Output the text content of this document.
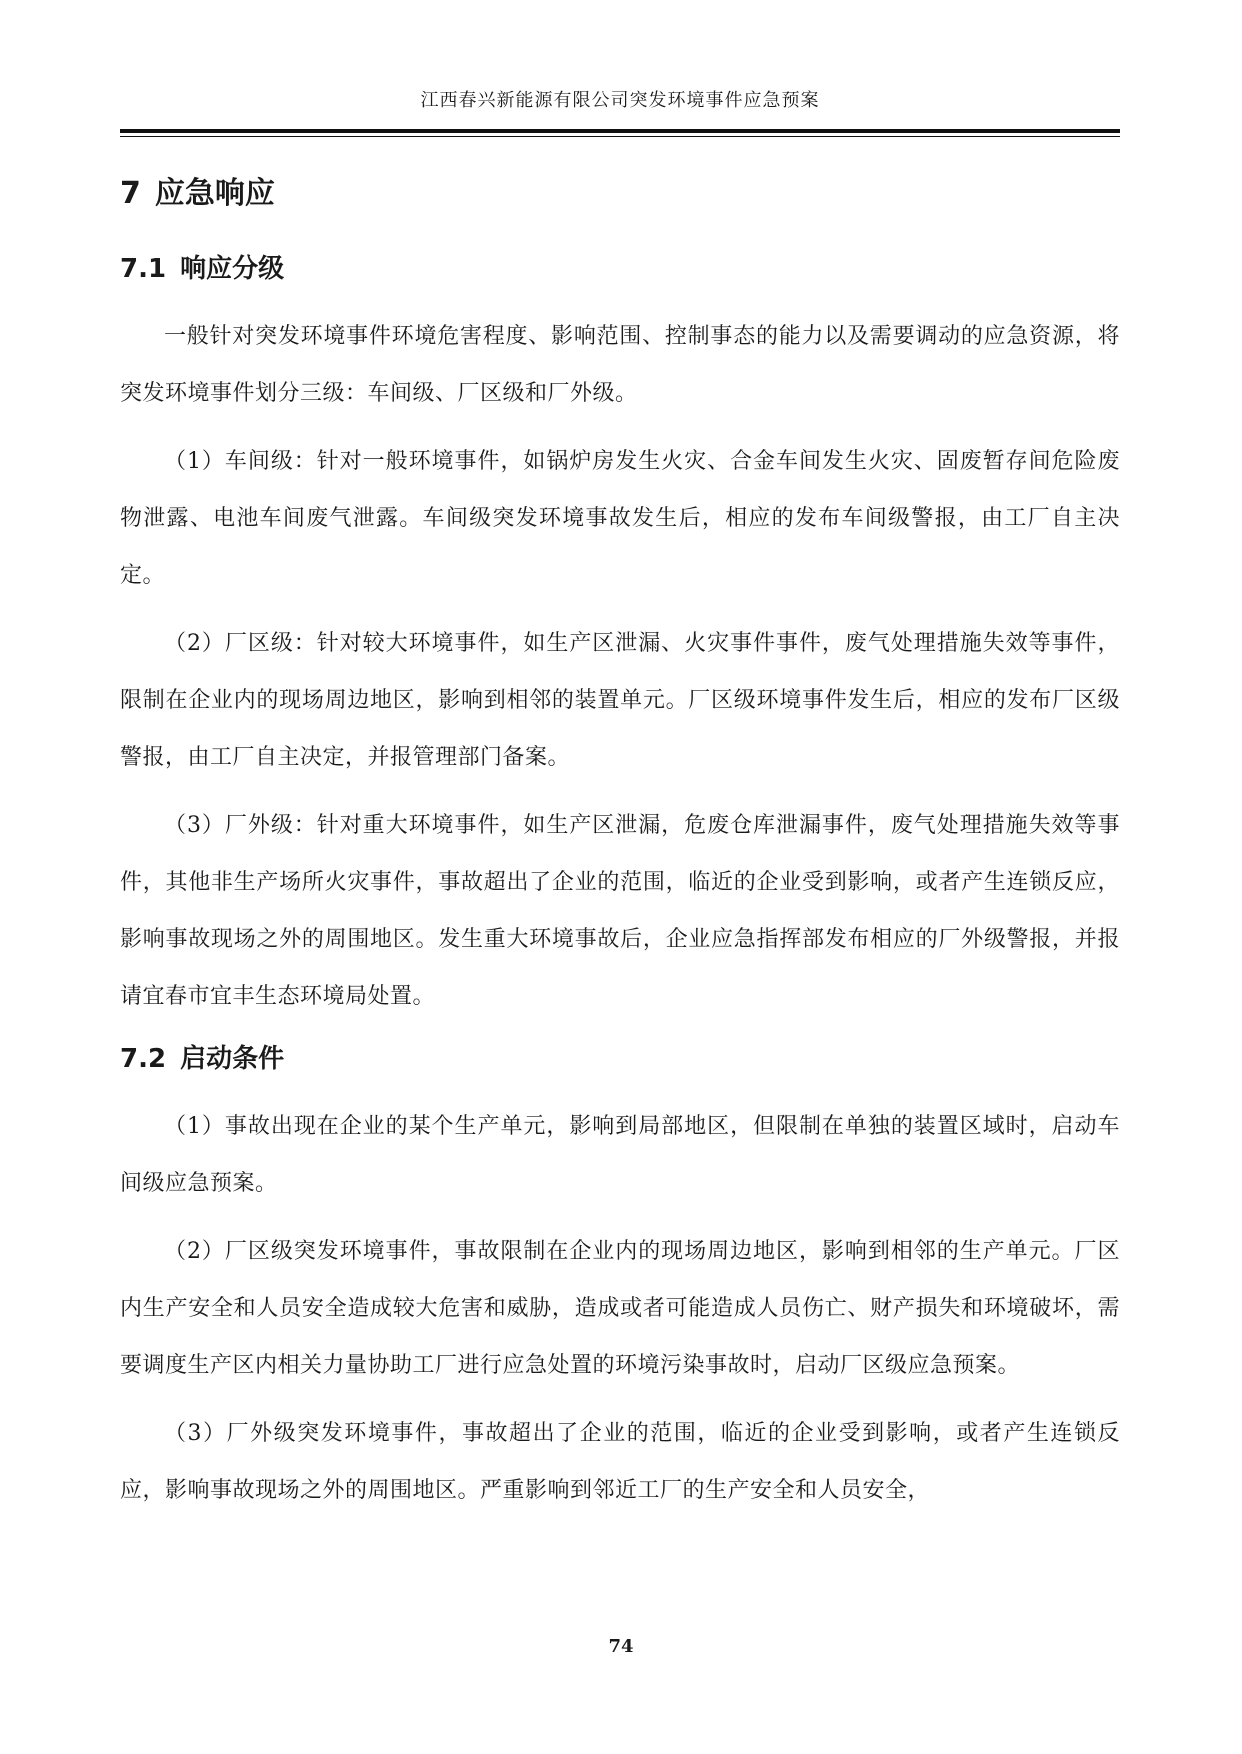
江西春兴新能源有限公司突发环境事件应急预案
7 应急响应
7.1 响应分级

一般针对突发环境事件环境危害程度、影响范围、控制事态的能力以及需要调动的应急资源，将突发环境事件划分三级：车间级、厂区级和厂外级。

（1）车间级：针对一般环境事件，如锅炉房发生火灾、合金车间发生火灾、固废暂存间危险废物泄露、电池车间废气泄露。车间级突发环境事故发生后，相应的发布车间级警报，由工厂自主决定。

（2）厂区级：针对较大环境事件，如生产区泄漏、火灾事件事件，废气处理措施失效等事件，限制在企业内的现场周边地区，影响到相邻的装置单元。厂区级环境事件发生后，相应的发布厂区级警报，由工厂自主决定，并报管理部门备案。

（3）厂外级：针对重大环境事件，如生产区泄漏，危废仓库泄漏事件，废气处理措施失效等事件，其他非生产场所火灾事件，事故超出了企业的范围，临近的企业受到影响，或者产生连锁反应，影响事故现场之外的周围地区。发生重大环境事故后，企业应急指挥部发布相应的厂外级警报，并报请宜春市宜丰生态环境局处置。

7.2 启动条件

（1）事故出现在企业的某个生产单元，影响到局部地区，但限制在单独的装置区域时，启动车间级应急预案。

（2）厂区级突发环境事件，事故限制在企业内的现场周边地区，影响到相邻的生产单元。厂区内生产安全和人员安全造成较大危害和威胁，造成或者可能造成人员伤亡、财产损失和环境破坏，需要调度生产区内相关力量协助工厂进行应急处置的环境污染事故时，启动厂区级应急预案。

（3）厂外级突发环境事件，事故超出了企业的范围，临近的企业受到影响，或者产生连锁反应，影响事故现场之外的周围地区。严重影响到邻近工厂的生产安全和人员安全，

74
